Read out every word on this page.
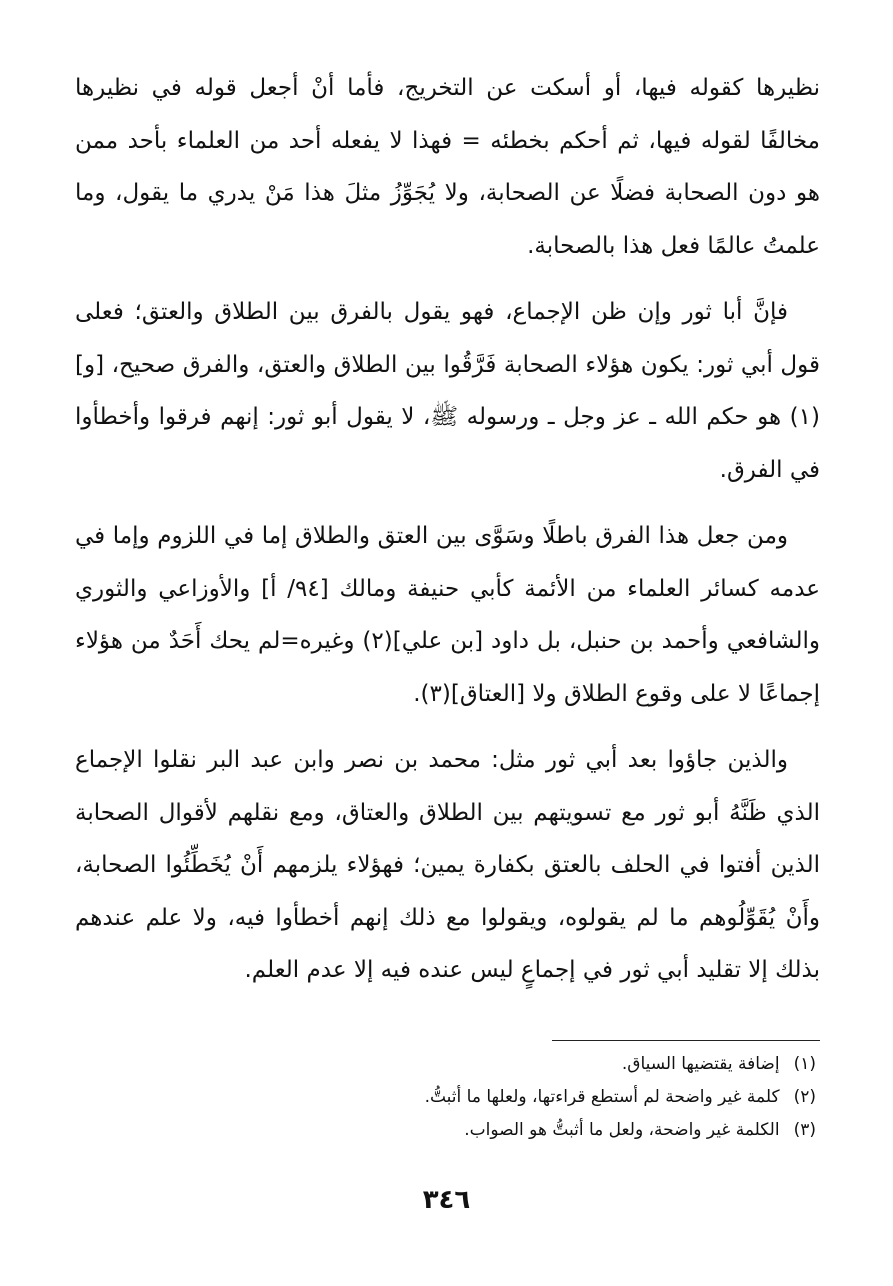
نظيرها كقوله فيها، أو أسكت عن التخريج، فأما أنْ أجعل قوله في نظيرها مخالفًا لقوله فيها، ثم أحكم بخطئه = فهذا لا يفعله أحد من العلماء بأحد ممن هو دون الصحابة فضلًا عن الصحابة، ولا يُجَوِّزُ مثلَ هذا مَنْ يدري ما يقول، وما علمتُ عالمًا فعل هذا بالصحابة.

فإنَّ أبا ثور وإن ظن الإجماع، فهو يقول بالفرق بين الطلاق والعتق؛ فعلى قول أبي ثور: يكون هؤلاء الصحابة فَرَّقُوا بين الطلاق والعتق، والفرق صحيح، [و](١) هو حكم الله ـ عز وجل ـ ورسوله ﷺ، لا يقول أبو ثور: إنهم فرقوا وأخطأوا في الفرق.

ومن جعل هذا الفرق باطلًا وسَوَّى بين العتق والطلاق إما في اللزوم وإما في عدمه كسائر العلماء من الأئمة كأبي حنيفة ومالك [٩٤/ أ] والأوزاعي والثوري والشافعي وأحمد بن حنبل، بل داود [بن علي](٢) وغيره=لم يحك أَحَدٌ من هؤلاء إجماعًا لا على وقوع الطلاق ولا [العتاق](٣).

والذين جاؤوا بعد أبي ثور مثل: محمد بن نصر وابن عبد البر نقلوا الإجماع الذي ظَنَّهُ أبو ثور مع تسويتهم بين الطلاق والعتاق، ومع نقلهم لأقوال الصحابة الذين أفتوا في الحلف بالعتق بكفارة يمين؛ فهؤلاء يلزمهم أَنْ يُخَطِّئُوا الصحابة، وأَنْ يُقَوِّلُوهم ما لم يقولوه، ويقولوا مع ذلك إنهم أخطأوا فيه، ولا علم عندهم بذلك إلا تقليد أبي ثور في إجماعٍ ليس عنده فيه إلا عدم العلم.

(١)إضافة يقتضيها السياق.

(٢)كلمة غير واضحة لم أستطع قراءتها، ولعلها ما أثبتُّ.

(٣)الكلمة غير واضحة، ولعل ما أثبتُّ هو الصواب.

٣٤٦
